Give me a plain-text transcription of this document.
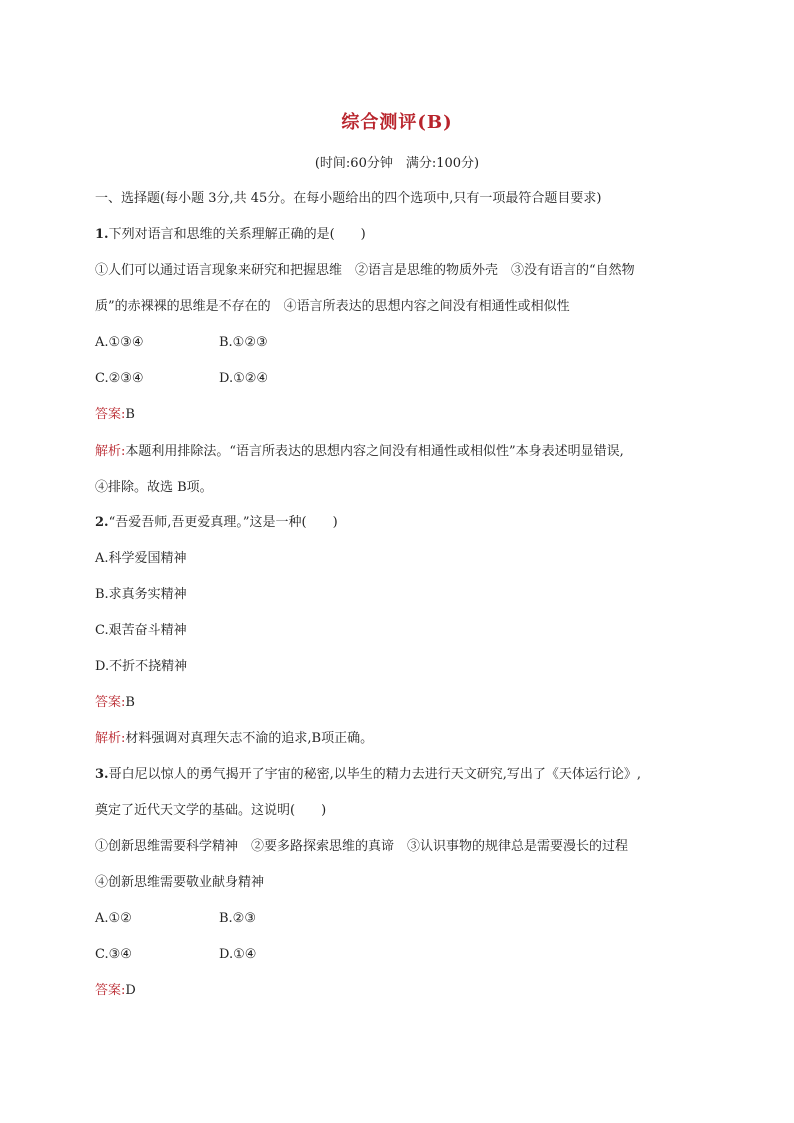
综合测评(B)
(时间:60分钟　满分:100分)
一、选择题(每小题 3分,共 45分。在每小题给出的四个选项中,只有一项最符合题目要求)
1.下列对语言和思维的关系理解正确的是(　　)
①人们可以通过语言现象来研究和把握思维　②语言是思维的物质外壳　③没有语言的“自然物
质”的赤裸裸的思维是不存在的　④语言所表达的思想内容之间没有相通性或相似性
A.①③④	B.①②③
C.②③④	D.①②④
答案:B
解析:本题利用排除法。“语言所表达的思想内容之间没有相通性或相似性”本身表述明显错误,
④排除。故选 B项。
2.“吾爱吾师,吾更爱真理。”这是一种(　　)
A.科学爱国精神
B.求真务实精神
C.艰苦奋斗精神
D.不折不挠精神
答案:B
解析:材料强调对真理矢志不渝的追求,B项正确。
3.哥白尼以惊人的勇气揭开了宇宙的秘密,以毕生的精力去进行天文研究,写出了《天体运行论》,
奠定了近代天文学的基础。这说明(　　)
①创新思维需要科学精神　②要多路探索思维的真谛　③认识事物的规律总是需要漫长的过程
④创新思维需要敬业献身精神
A.①②	B.②③
C.③④	D.①④
答案:D
